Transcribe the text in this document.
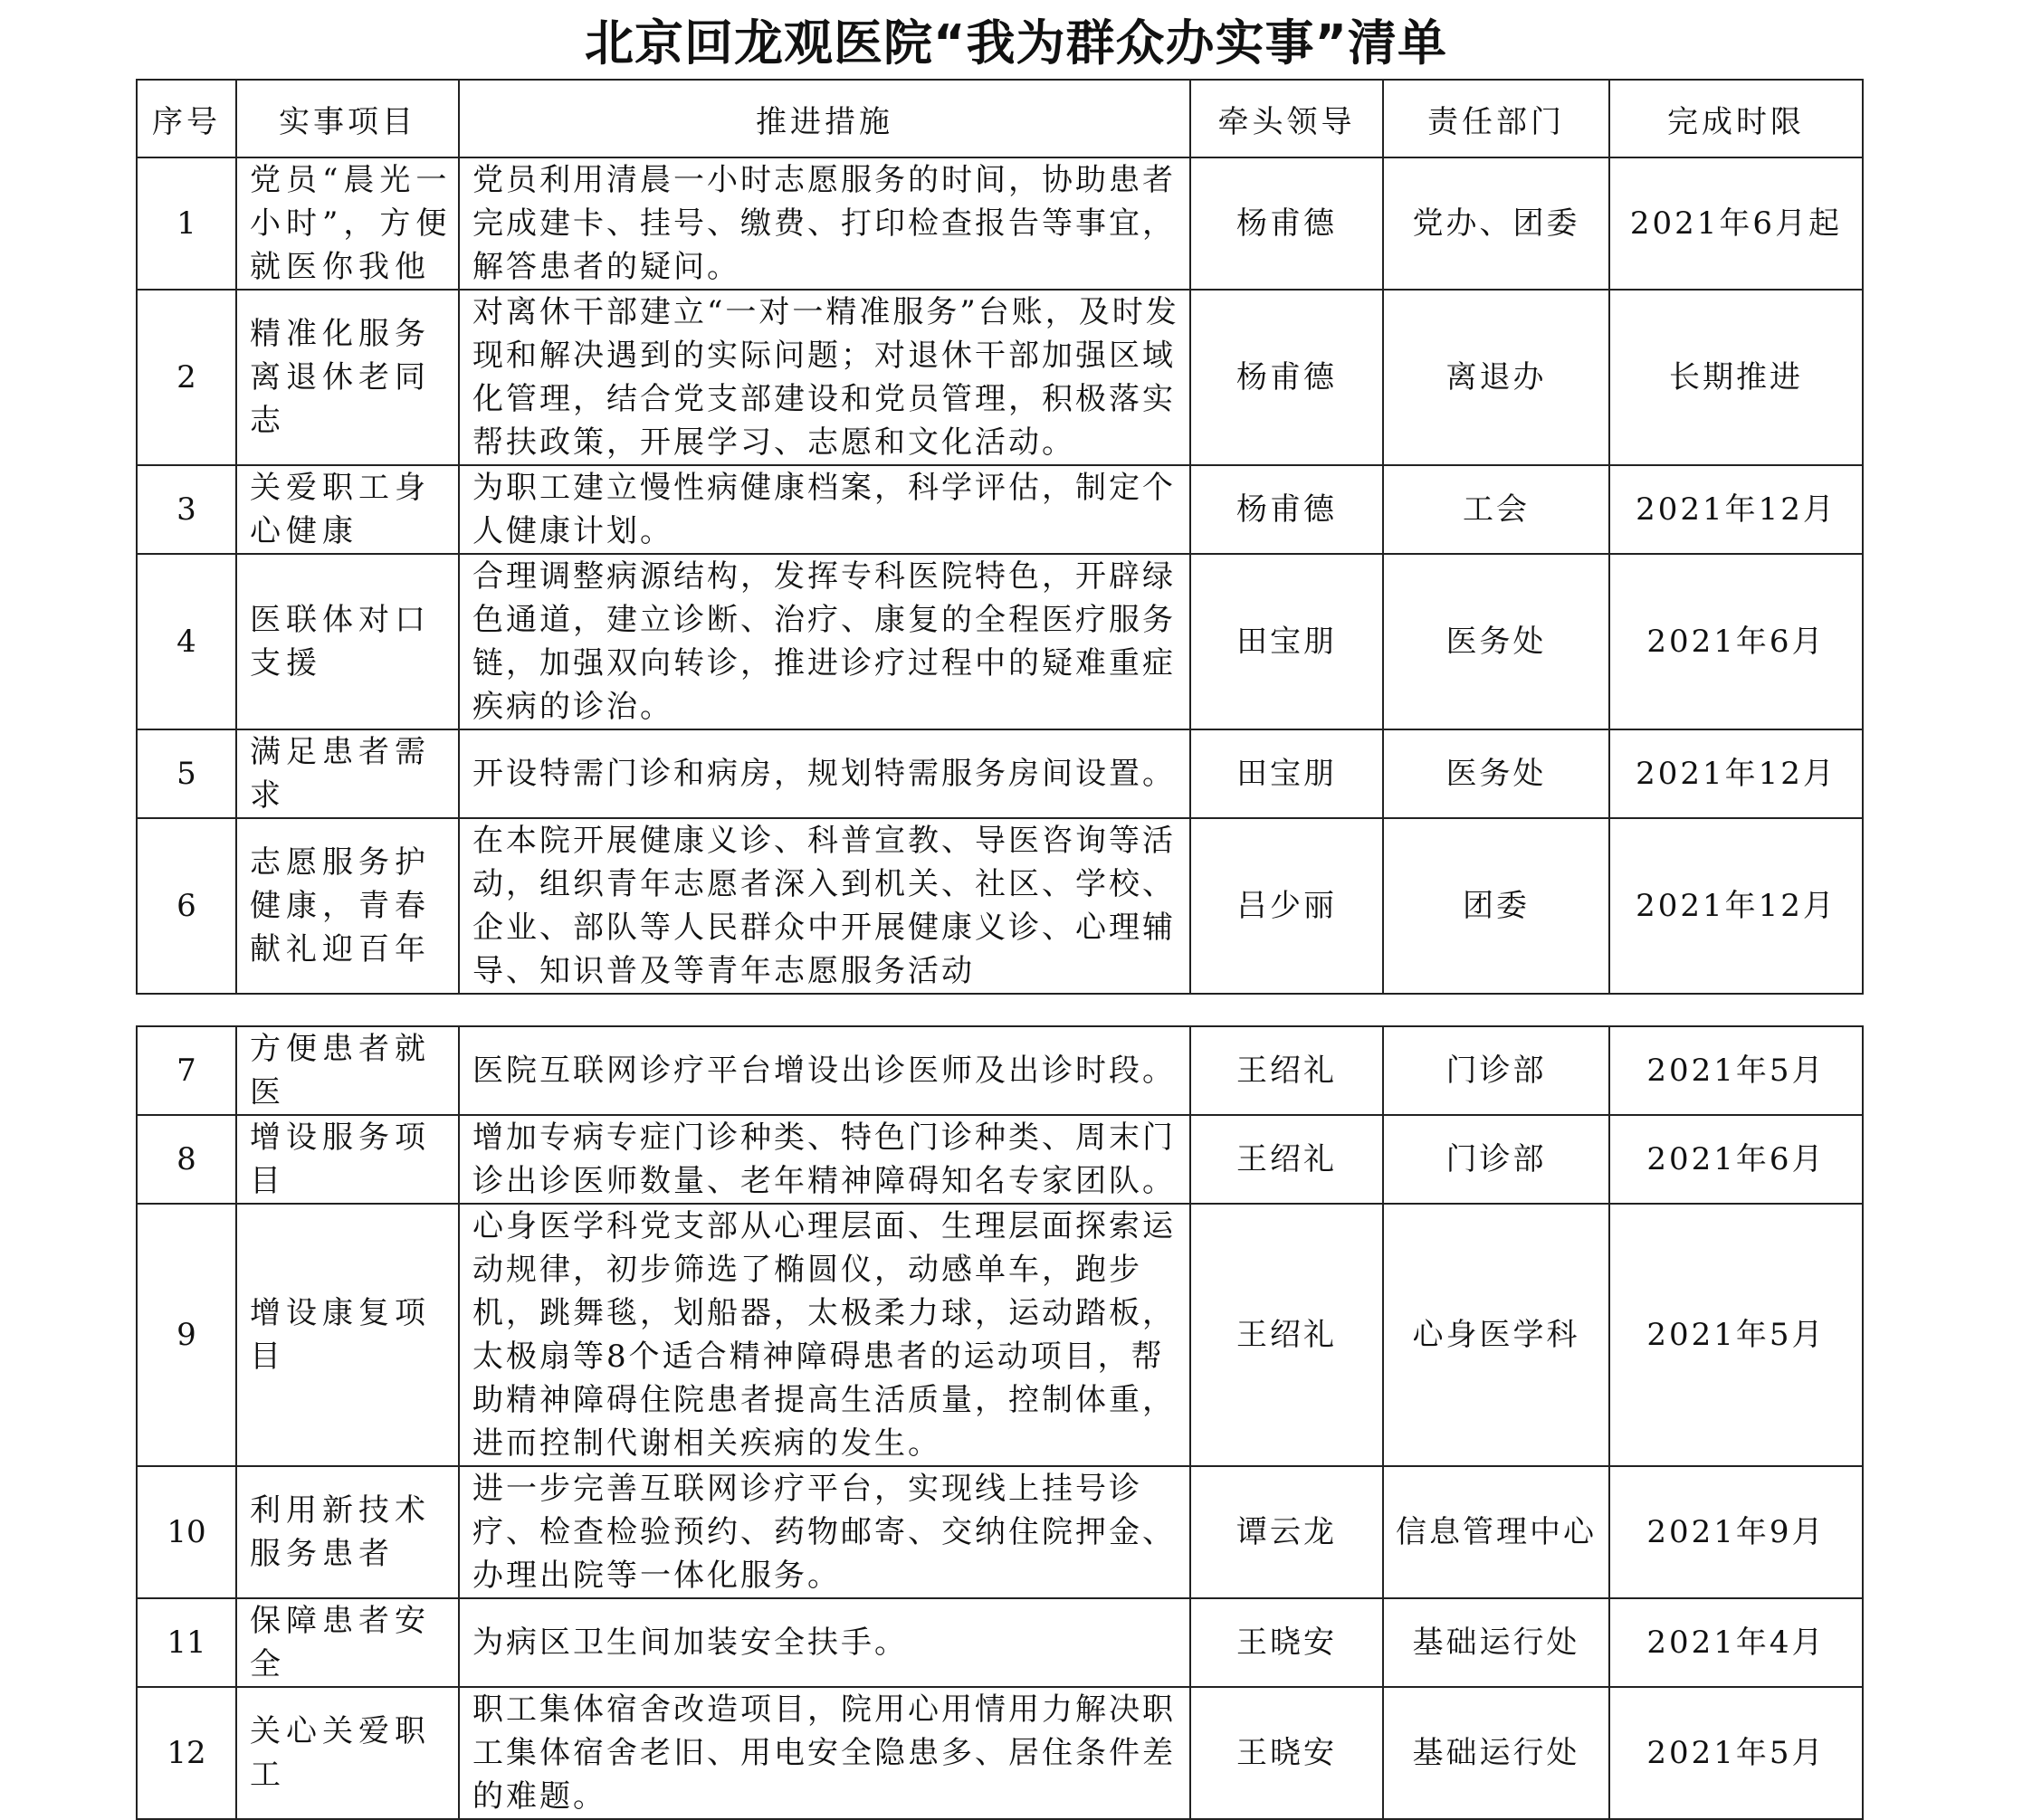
北京回龙观医院“我为群众办实事”清单
序号	实事项目	推进措施	牵头领导	责任部门	完成时限
1	党员“晨光一小时”，方便就医你我他	党员利用清晨一小时志愿服务的时间，协助患者完成建卡、挂号、缴费、打印检查报告等事宜，解答患者的疑问。	杨甫德	党办、团委	2021年6月起
2	精准化服务离退休老同志	对离休干部建立“一对一精准服务”台账，及时发现和解决遇到的实际问题；对退休干部加强区域化管理，结合党支部建设和党员管理，积极落实帮扶政策，开展学习、志愿和文化活动。	杨甫德	离退办	长期推进
3	关爱职工身心健康	为职工建立慢性病健康档案，科学评估，制定个人健康计划。	杨甫德	工会	2021年12月
4	医联体对口支援	合理调整病源结构，发挥专科医院特色，开辟绿色通道，建立诊断、治疗、康复的全程医疗服务链，加强双向转诊，推进诊疗过程中的疑难重症疾病的诊治。	田宝朋	医务处	2021年6月
5	满足患者需求	开设特需门诊和病房，规划特需服务房间设置。	田宝朋	医务处	2021年12月
6	志愿服务护健康，青春献礼迎百年	在本院开展健康义诊、科普宣教、导医咨询等活动，组织青年志愿者深入到机关、社区、学校、企业、部队等人民群众中开展健康义诊、心理辅导、知识普及等青年志愿服务活动	吕少丽	团委	2021年12月
7	方便患者就医	医院互联网诊疗平台增设出诊医师及出诊时段。	王绍礼	门诊部	2021年5月
8	增设服务项目	增加专病专症门诊种类、特色门诊种类、周末门诊出诊医师数量、老年精神障碍知名专家团队。	王绍礼	门诊部	2021年6月
9	增设康复项目	心身医学科党支部从心理层面、生理层面探索运动规律，初步筛选了椭圆仪，动感单车，跑步机，跳舞毯，划船器，太极柔力球，运动踏板，太极扇等8个适合精神障碍患者的运动项目，帮助精神障碍住院患者提高生活质量，控制体重，进而控制代谢相关疾病的发生。	王绍礼	心身医学科	2021年5月
10	利用新技术服务患者	进一步完善互联网诊疗平台，实现线上挂号诊疗、检查检验预约、药物邮寄、交纳住院押金、办理出院等一体化服务。	谭云龙	信息管理中心	2021年9月
11	保障患者安全	为病区卫生间加装安全扶手。	王晓安	基础运行处	2021年4月
12	关心关爱职工	职工集体宿舍改造项目，院用心用情用力解决职工集体宿舍老旧、用电安全隐患多、居住条件差的难题。	王晓安	基础运行处	2021年5月
